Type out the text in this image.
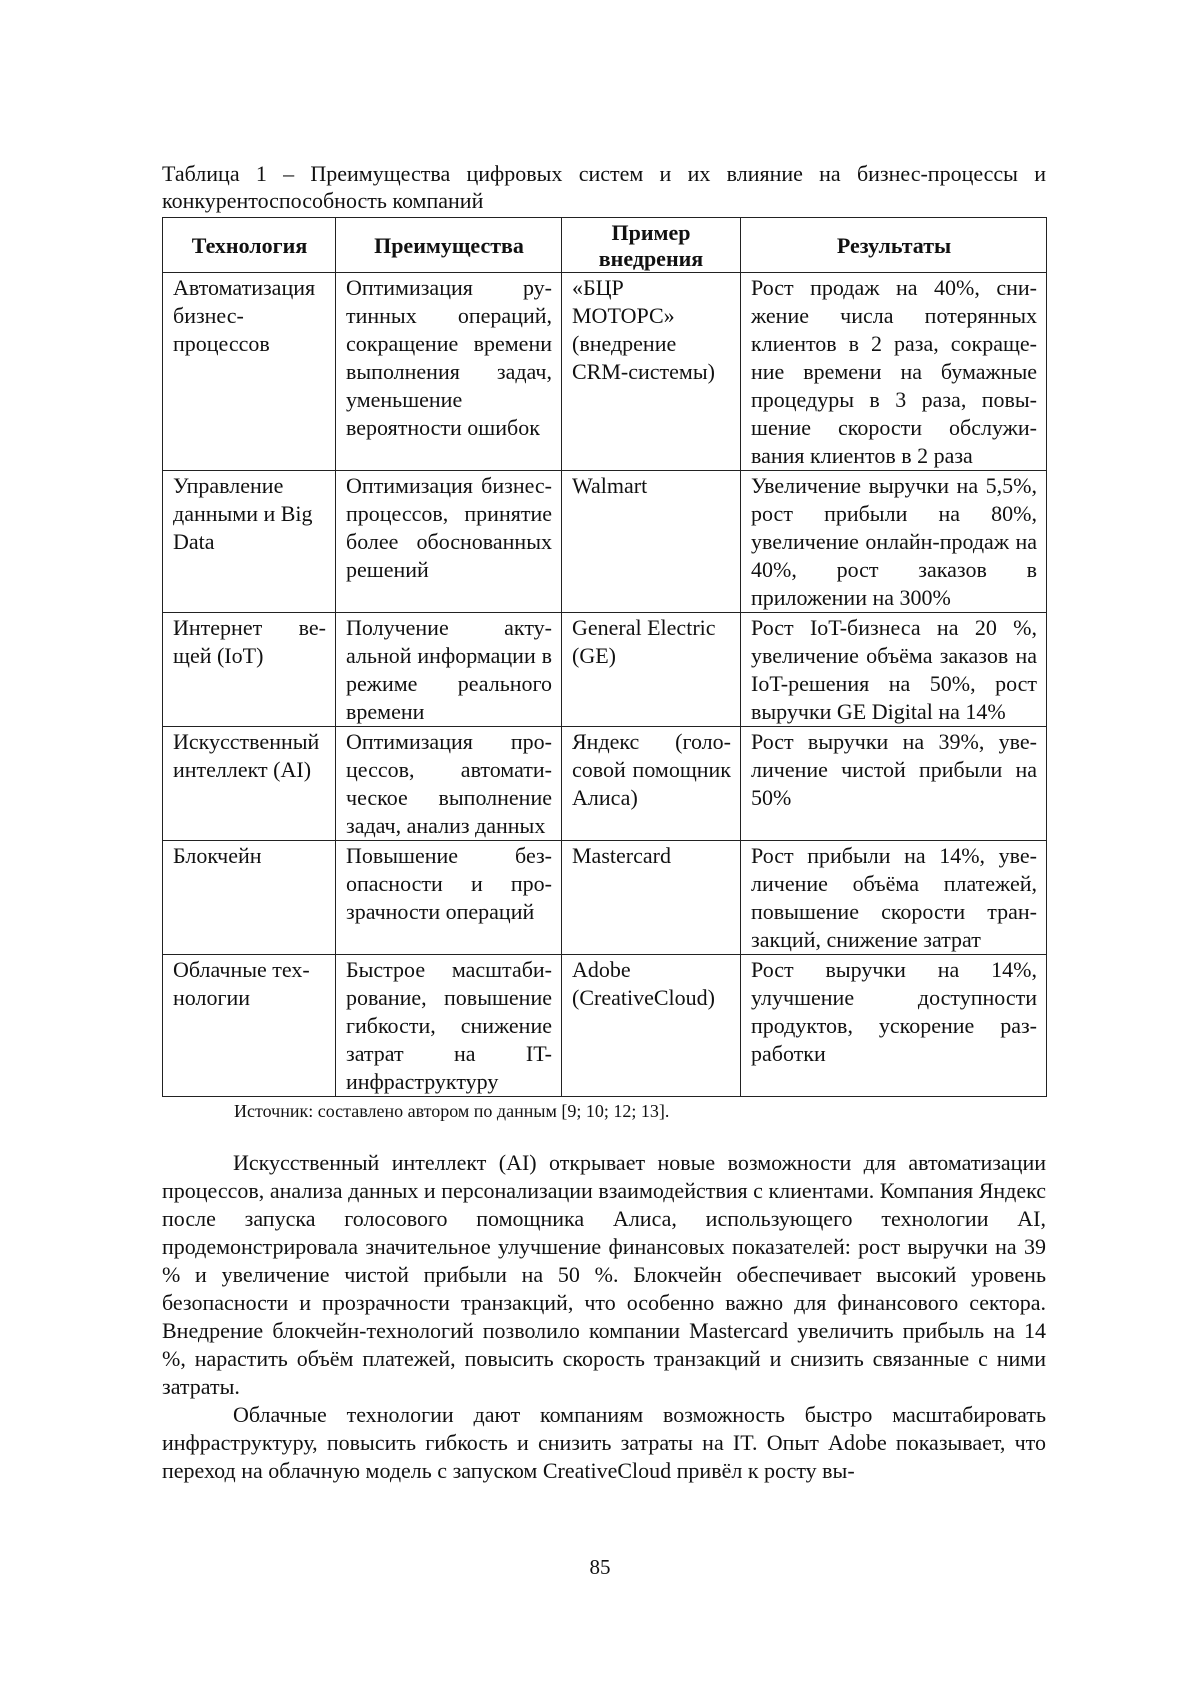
Таблица 1 – Преимущества цифровых систем и их влияние на бизнес-процессы и конкурентоспособность компаний
Технология	Преимущества	Пример внедрения	Результаты
Автоматизация бизнес-процессов	Оптимизация рутинных операций, сокращение времени выполнения задач, уменьшение вероятности ошибок	«БЦР МОТОРС» (внедрение CRM-системы)	Рост продаж на 40%, снижение числа потерянных клиентов в 2 раза, сокращение времени на бумажные процедуры в 3 раза, повышение скорости обслуживания клиентов в 2 раза
Управление данными и Big Data	Оптимизация бизнес-процессов, принятие более обоснованных решений	Walmart	Увеличение выручки на 5,5%, рост прибыли на 80%, увеличение онлайн-продаж на 40%, рост заказов в приложении на 300%
Интернет вещей (IoT)	Получение актуальной информации в режиме реального времени	General Electric (GE)	Рост IoT-бизнеса на 20 %, увеличение объёма заказов на IoT-решения на 50%, рост выручки GE Digital на 14%
Искусственный интеллект (AI)	Оптимизация процессов, автоматическое выполнение задач, анализ данных	Яндекс (голосовой помощник Алиса)	Рост выручки на 39%, увеличение чистой прибыли на 50%
Блокчейн	Повышение безопасности и прозрачности операций	Mastercard	Рост прибыли на 14%, увеличение объёма платежей, повышение скорости транзакций, снижение затрат
Облачные технологии	Быстрое масштабирование, повышение гибкости, снижение затрат на IT-инфраструктуру	Adobe (CreativeCloud)	Рост выручки на 14%, улучшение доступности продуктов, ускорение разработки
Источник: составлено автором по данным [9; 10; 12; 13].

Искусственный интеллект (AI) открывает новые возможности для автоматизации процессов, анализа данных и персонализации взаимодействия с клиентами. Компания Яндекс после запуска голосового помощника Алиса, использующего технологии AI, продемонстрировала значительное улучшение финансовых показателей: рост выручки на 39 % и увеличение чистой прибыли на 50 %. Блокчейн обеспечивает высокий уровень безопасности и прозрачности транзакций, что особенно важно для финансового сектора. Внедрение блокчейн-технологий позволило компании Mastercard увеличить прибыль на 14 %, нарастить объём платежей, повысить скорость транзакций и снизить связанные с ними затраты.

Облачные технологии дают компаниям возможность быстро масштабировать инфраструктуру, повысить гибкость и снизить затраты на IT. Опыт Adobe показывает, что переход на облачную модель с запуском CreativeCloud привёл к росту вы-

85
